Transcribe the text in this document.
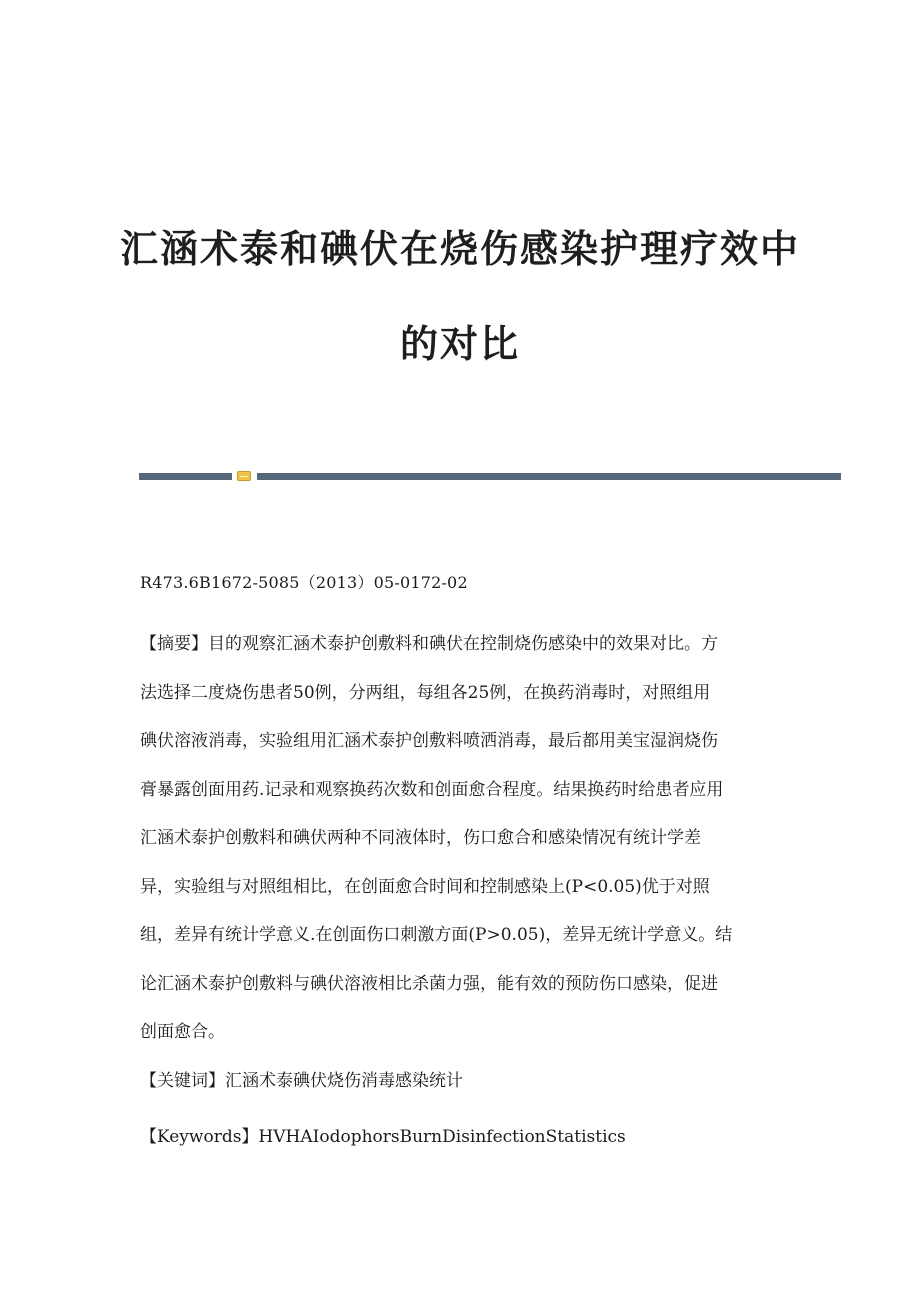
汇涵术泰和碘伏在烧伤感染护理疗效中
的对比
R473.6B1672-5085（2013）05-0172-02
【摘要】目的观察汇涵术泰护创敷料和碘伏在控制烧伤感染中的效果对比。方
法选择二度烧伤患者50例，分两组，每组各25例，在换药消毒时，对照组用
碘伏溶液消毒，实验组用汇涵术泰护创敷料喷洒消毒，最后都用美宝湿润烧伤
膏暴露创面用药.记录和观察换药次数和创面愈合程度。结果换药时给患者应用
汇涵术泰护创敷料和碘伏两种不同液体时，伤口愈合和感染情况有统计学差
异，实验组与对照组相比，在创面愈合时间和控制感染上(P<0.05)优于对照
组，差异有统计学意义.在创面伤口刺激方面(P>0.05)，差异无统计学意义。结
论汇涵术泰护创敷料与碘伏溶液相比杀菌力强，能有效的预防伤口感染，促进
创面愈合。
【关键词】汇涵术泰碘伏烧伤消毒感染统计
【Keywords】HVHAIodophorsBurnDisinfectionStatistics
